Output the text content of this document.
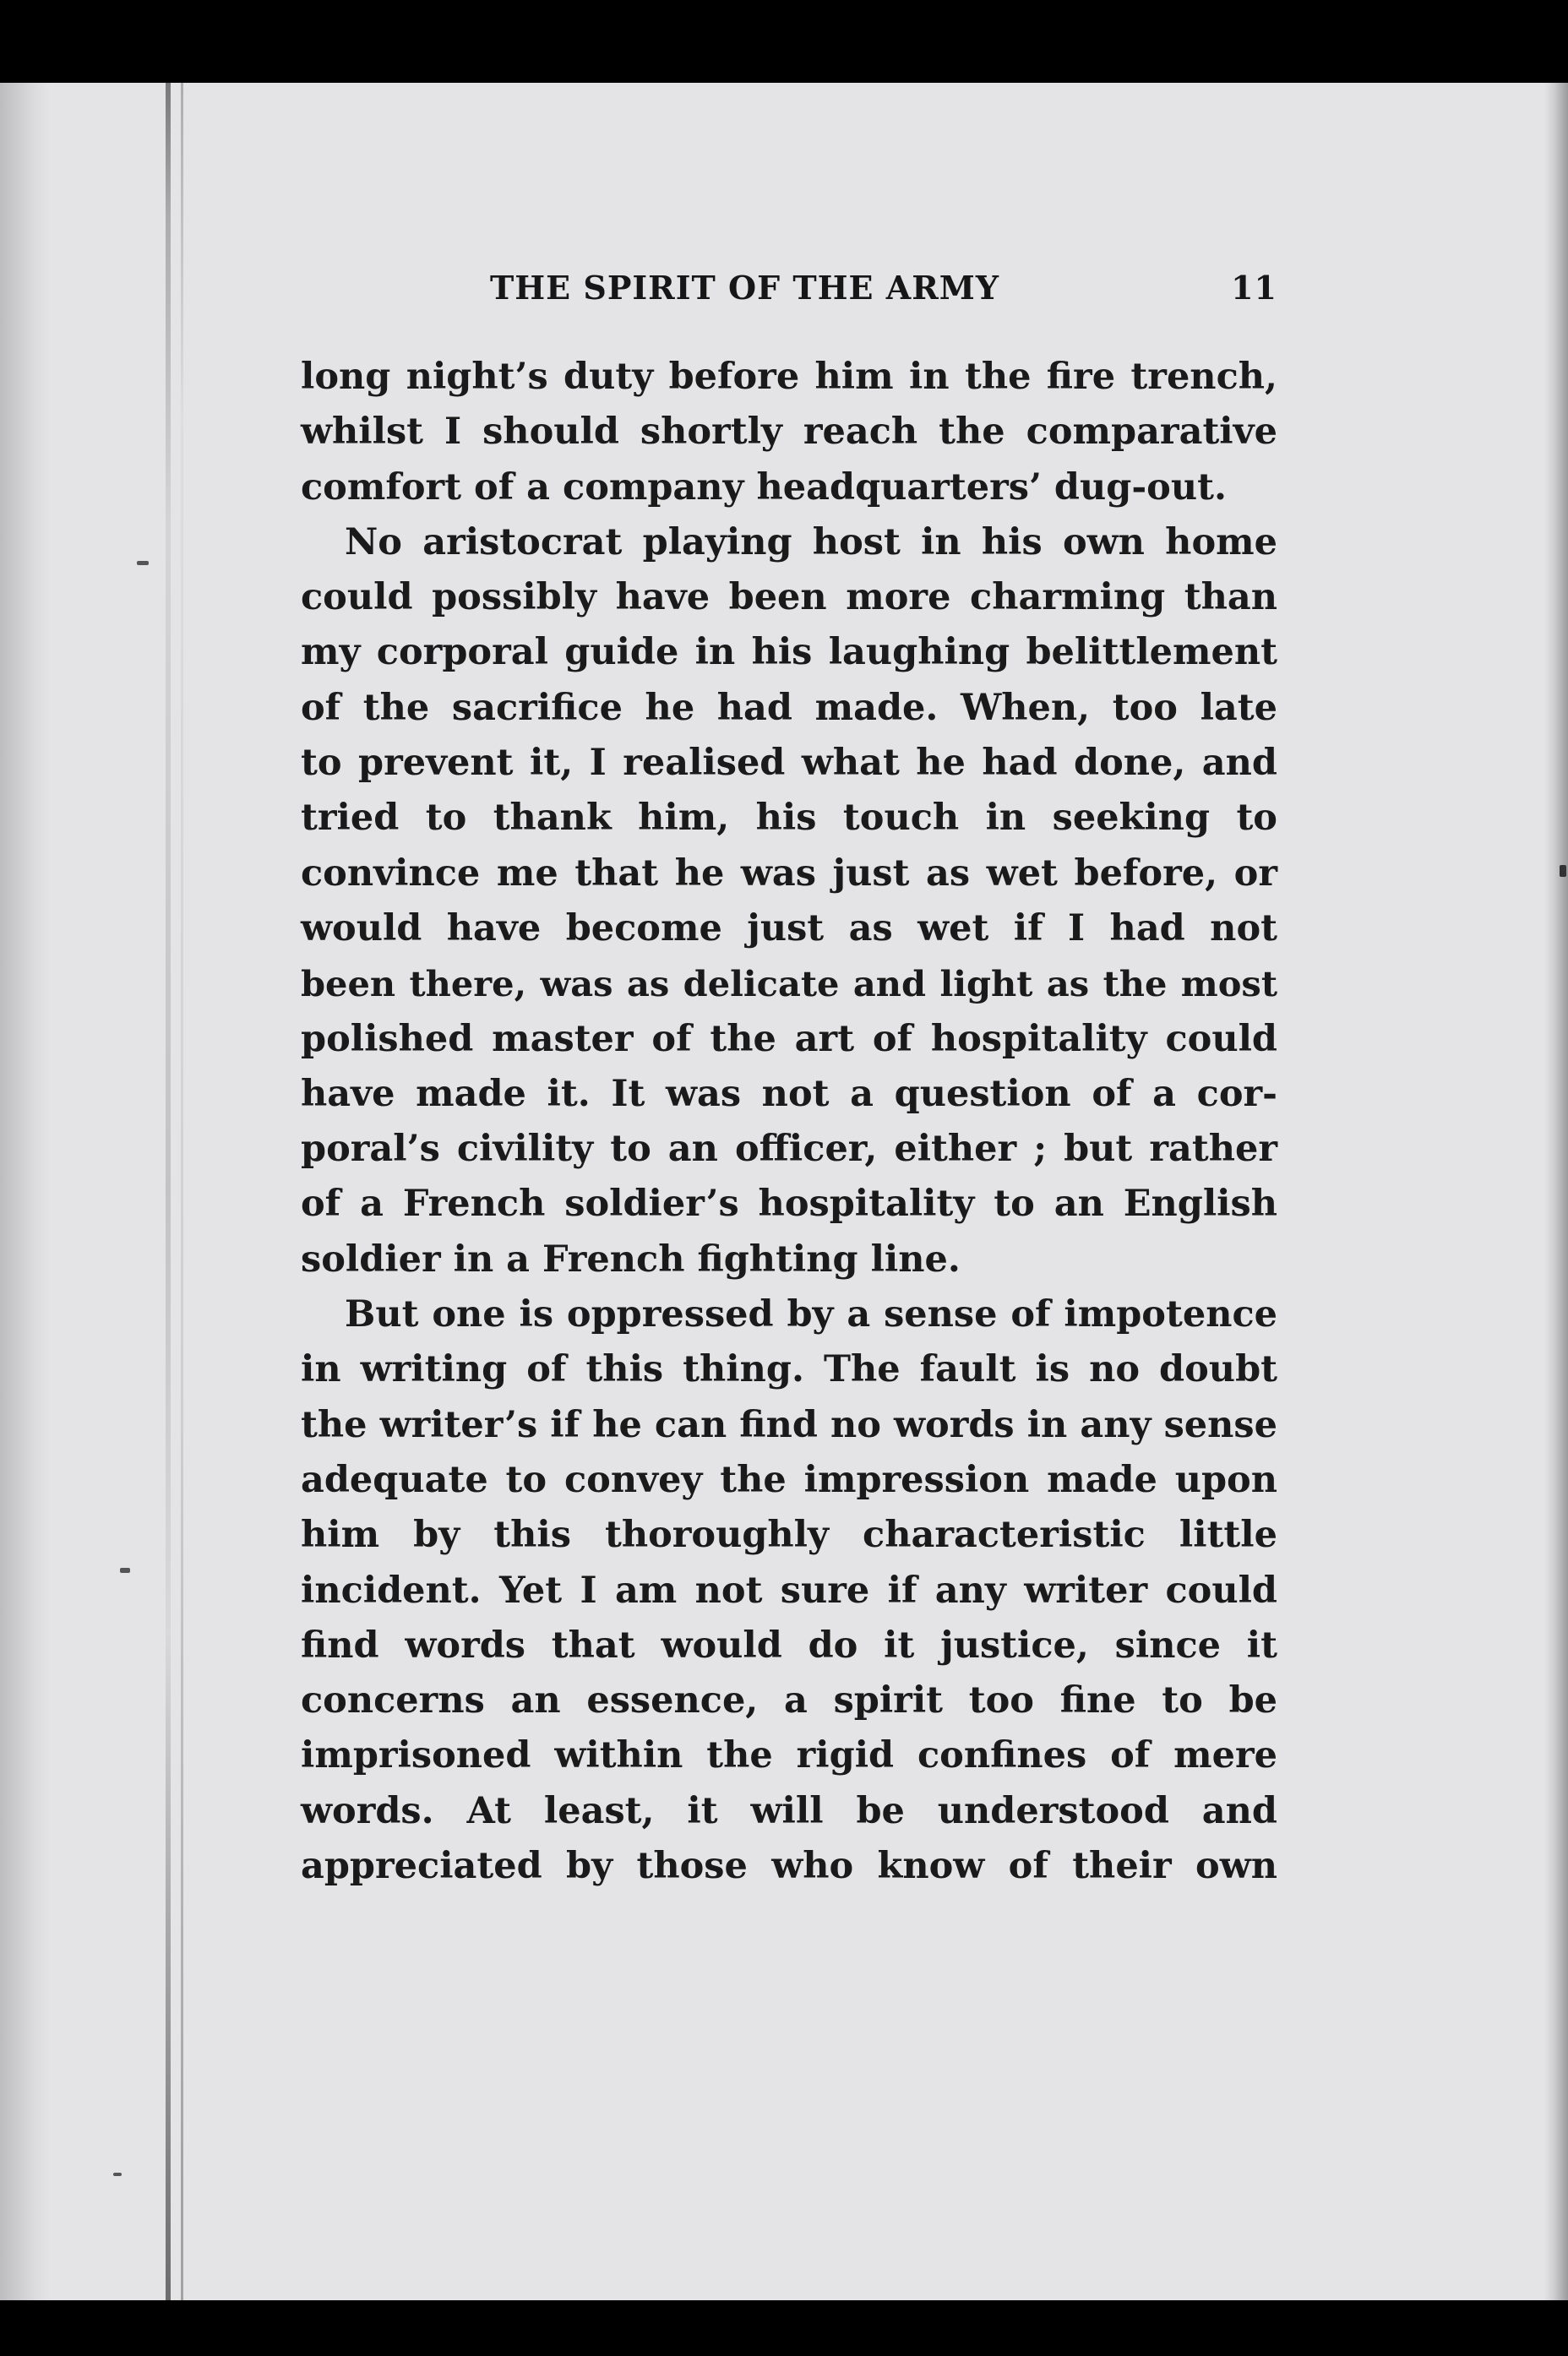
THE SPIRIT OF THE ARMY	11
long night’s duty before him in the fire trench,
whilst I should shortly reach the comparative
comfort of a company headquarters’ dug-out.
No aristocrat playing host in his own home
could possibly have been more charming than
my corporal guide in his laughing belittlement
of the sacrifice he had made. When, too late
to prevent it, I realised what he had done, and
tried to thank him, his touch in seeking to
convince me that he was just as wet before, or
would have become just as wet if I had not
been there, was as delicate and light as the most
polished master of the art of hospitality could
have made it. It was not a question of a cor-
poral’s civility to an officer, either ; but rather
of a French soldier’s hospitality to an English
soldier in a French fighting line.
But one is oppressed by a sense of impotence
in writing of this thing. The fault is no doubt
the writer’s if he can find no words in any sense
adequate to convey the impression made upon
him by this thoroughly characteristic little
incident. Yet I am not sure if any writer could
find words that would do it justice, since it
concerns an essence, a spirit too fine to be
imprisoned within the rigid confines of mere
words. At least, it will be understood and
appreciated by those who know of their own
